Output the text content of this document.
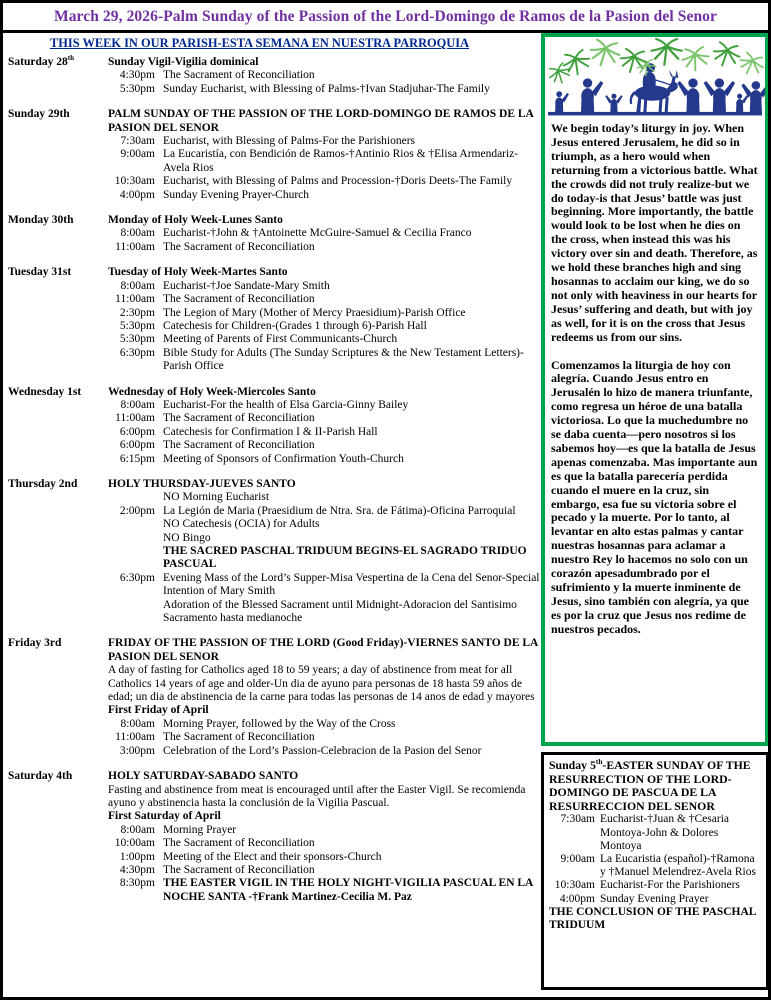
March 29, 2026-Palm Sunday of the Passion of the Lord-Domingo de Ramos de la Pasion del Senor
THIS WEEK IN OUR PARISH-ESTA SEMANA EN NUESTRA PARROQUIA
Saturday 28th	Sunday Vigil-Vigilia dominical
4:30pm The Sacrament of Reconciliation
5:30pm Sunday Eucharist, with Blessing of Palms-†Ivan Stadjuhar-The Family
Sunday 29th	PALM SUNDAY OF THE PASSION OF THE LORD-DOMINGO DE RAMOS DE LA PASION DEL SENOR
7:30am Eucharist, with Blessing of Palms-For the Parishioners
9:00am La Eucaristía, con Bendición de Ramos-†Antinio Rios & †Elisa Armendariz-Avela Rios
10:30am Eucharist, with Blessing of Palms and Procession-†Doris Deets-The Family
4:00pm Sunday Evening Prayer-Church
Monday 30th	Monday of Holy Week-Lunes Santo
8:00am Eucharist-†John & †Antoinette McGuire-Samuel & Cecilia Franco
11:00am The Sacrament of Reconciliation
Tuesday 31st	Tuesday of Holy Week-Martes Santo
8:00am Eucharist-†Joe Sandate-Mary Smith
11:00am The Sacrament of Reconciliation
2:30pm The Legion of Mary (Mother of Mercy Praesidium)-Parish Office
5:30pm Catechesis for Children-(Grades 1 through 6)-Parish Hall
5:30pm Meeting of Parents of First Communicants-Church
6:30pm Bible Study for Adults (The Sunday Scriptures & the New Testament Letters)-Parish Office
Wednesday 1st	Wednesday of Holy Week-Miercoles Santo
8:00am Eucharist-For the health of Elsa Garcia-Ginny Bailey
11:00am The Sacrament of Reconciliation
6:00pm Catechesis for Confirmation I & II-Parish Hall
6:00pm The Sacrament of Reconciliation
6:15pm Meeting of Sponsors of Confirmation Youth-Church
Thursday 2nd	HOLY THURSDAY-JUEVES SANTO
NO Morning Eucharist
2:00pm La Legión de Maria (Praesidium de Ntra. Sra. de Fátima)-Oficina Parroquial
NO Catechesis (OCIA) for Adults
NO Bingo
THE SACRED PASCHAL TRIDUUM BEGINS-EL SAGRADO TRIDUO PASCUAL
6:30pm Evening Mass of the Lord’s Supper-Misa Vespertina de la Cena del Senor-Special Intention of Mary Smith
Adoration of the Blessed Sacrament until Midnight-Adoracion del Santisimo Sacramento hasta medianoche
Friday 3rd	FRIDAY OF THE PASSION OF THE LORD (Good Friday)-VIERNES SANTO DE LA PASION DEL SENOR
A day of fasting for Catholics aged 18 to 59 years; a day of abstinence from meat for all Catholics 14 years of age and older-Un dia de ayuno para personas de 18 hasta 59 años de edad; un dia de abstinencia de la carne para todas las personas de 14 anos de edad y mayores
First Friday of April
8:00am Morning Prayer, followed by the Way of the Cross
11:00am The Sacrament of Reconciliation
3:00pm Celebration of the Lord’s Passion-Celebracion de la Pasion del Senor
Saturday 4th	HOLY SATURDAY-SABADO SANTO
Fasting and abstinence from meat is encouraged until after the Easter Vigil. Se recomienda ayuno y abstinencia hasta la conclusión de la Vigilia Pascual.
First Saturday of April
8:00am Morning Prayer
10:00am The Sacrament of Reconciliation
1:00pm Meeting of the Elect and their sponsors-Church
4:30pm The Sacrament of Reconciliation
8:30pm THE EASTER VIGIL IN THE HOLY NIGHT-VIGILIA PASCUAL EN LA NOCHE SANTA -†Frank Martinez-Cecilia M. Paz

We begin today’s liturgy in joy. When Jesus entered Jerusalem, he did so in triumph, as a hero would when returning from a victorious battle. What the crowds did not truly realize-but we do today-is that Jesus’ battle was just beginning. More importantly, the battle would look to be lost when he dies on the cross, when instead this was his victory over sin and death. Therefore, as we hold these branches high and sing hosannas to acclaim our king, we do so not only with heaviness in our hearts for Jesus’ suffering and death, but with joy as well, for it is on the cross that Jesus redeems us from our sins.

Comenzamos la liturgia de hoy con alegría. Cuando Jesus entro en Jerusalén lo hizo de manera triunfante, como regresa un héroe de una batalla victoriosa. Lo que la muchedumbre no se daba cuenta—pero nosotros si los sabemos hoy—es que la batalla de Jesus apenas comenzaba. Mas importante aun es que la batalla parecería perdida cuando el muere en la cruz, sin embargo, esa fue su victoria sobre el pecado y la muerte. Por lo tanto, al levantar en alto estas palmas y cantar nuestras hosannas para aclamar a nuestro Rey lo hacemos no solo con un corazón apesadumbrado por el sufrimiento y la muerte inminente de Jesus, sino también con alegría, ya que es por la cruz que Jesus nos redime de nuestros pecados.

Sunday 5th-EASTER SUNDAY OF THE RESURRECTION OF THE LORD-DOMINGO DE PASCUA DE LA RESURRECCION DEL SENOR
7:30am Eucharist-†Juan & †Cesaria Montoya-John & Dolores Montoya
9:00am La Eucaristia (español)-†Ramona y †Manuel Melendrez-Avela Rios
10:30am Eucharist-For the Parishioners
4:00pm Sunday Evening Prayer
THE CONCLUSION OF THE PASCHAL TRIDUUM
